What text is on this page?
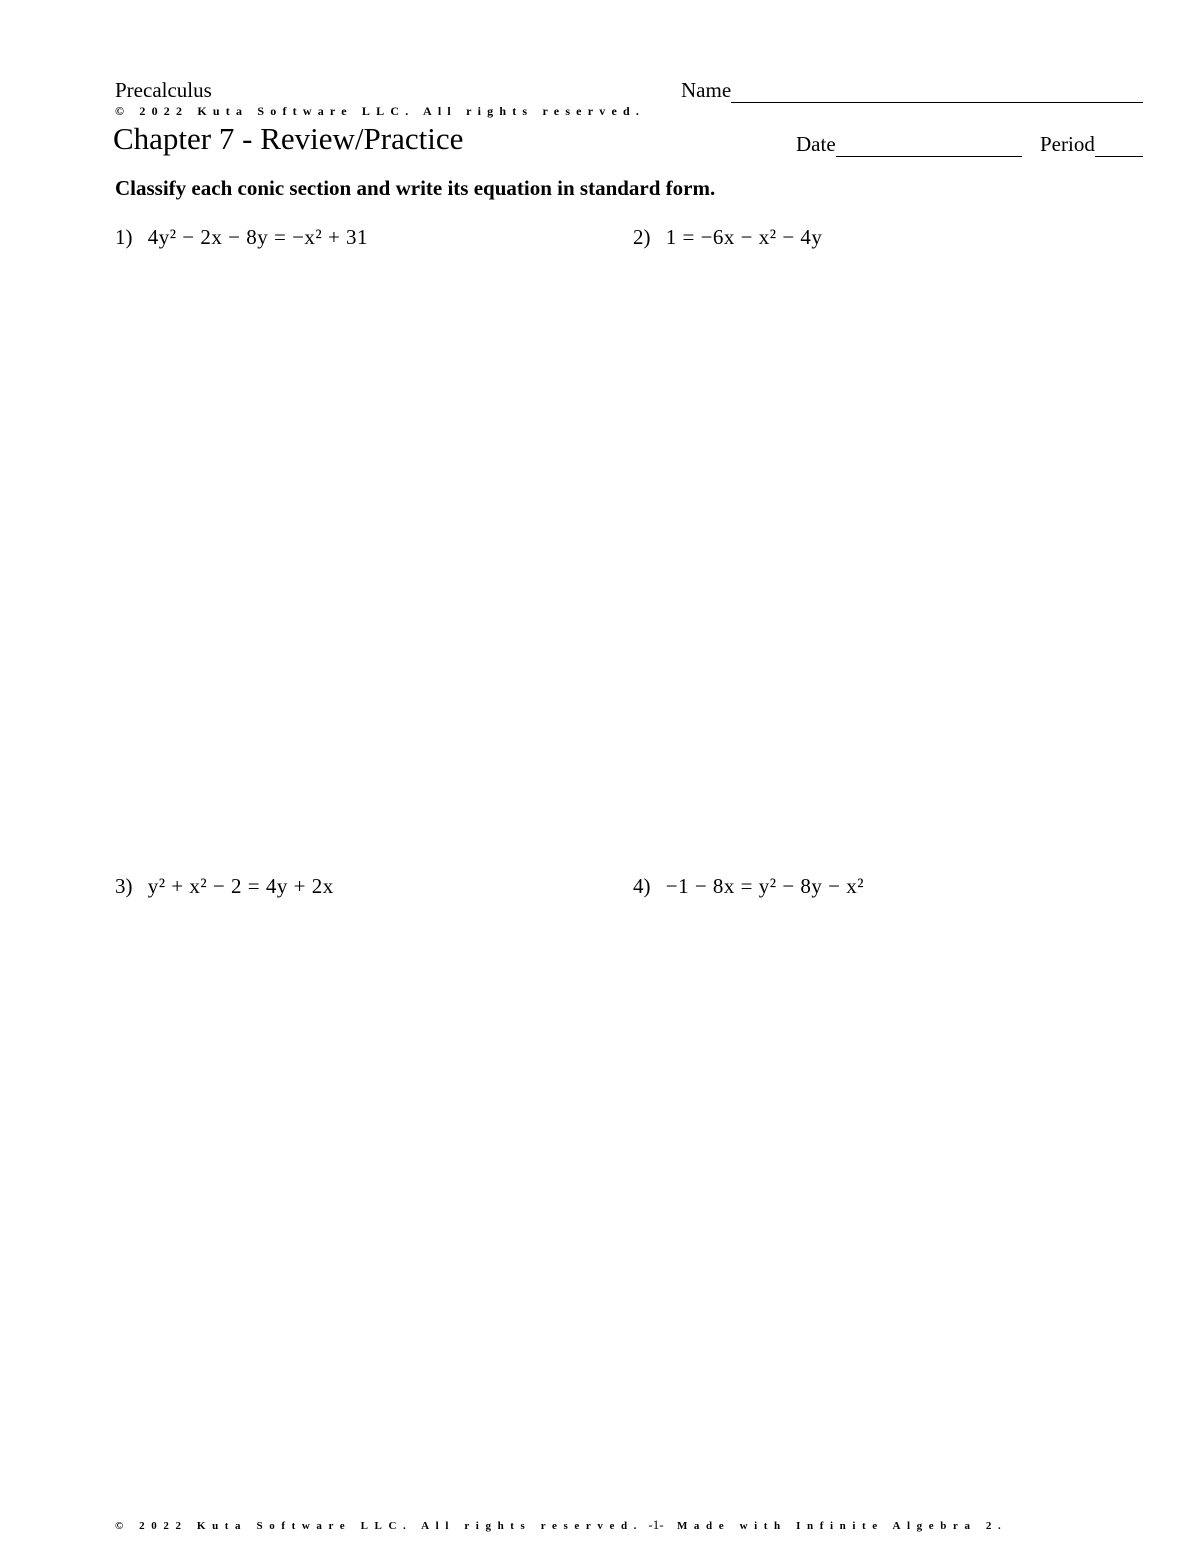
Precalculus
© 2022 Kuta Software LLC. All rights reserved.
Chapter 7 - Review/Practice
Name
Date	Period
Classify each conic section and write its equation in standard form.
1) 4y² − 2x − 8y = −x² + 31	2) 1 = −6x − x² − 4y
3) y² + x² − 2 = 4y + 2x	4) −1 − 8x = y² − 8y − x²
© 2022 Kuta Software LLC. All rights reserved. -1- Made with Infinite Algebra 2.
